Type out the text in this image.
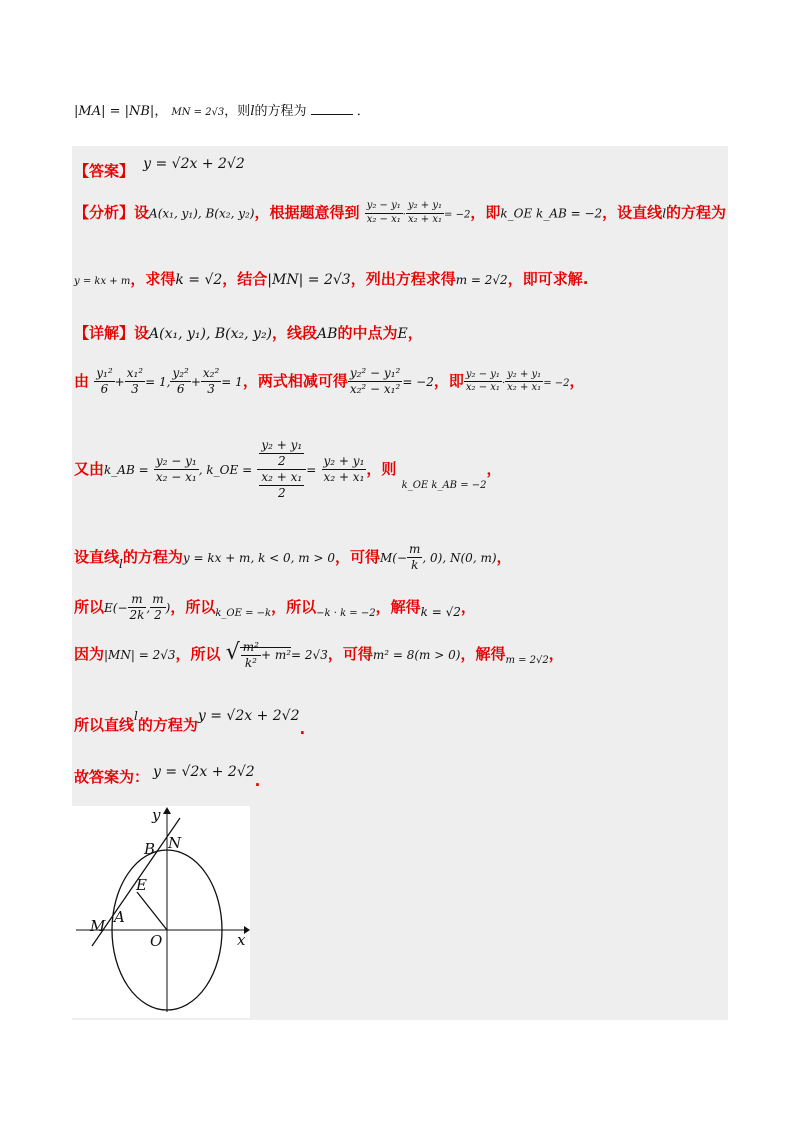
|MA| = |NB|， MN = 2√3，则l的方程为	．
【答案】 y = √2x + 2√2
【分析】设A(x₁, y₁), B(x₂, y₂)，根据题意得到 $\frac{\text{y₂ − y₁}}{\text{x₂ − x₁}} \cdot \frac{\text{y₂ + y₁}}{\text{x₂ + x₁}} = -2$，即k_OE k_AB = −2，设直线l的方程为
y = kx + m，求得k = √2，结合|MN| = 2√3，列出方程求得m = 2√2，即可求解.
【详解】设A(x₁, y₁), B(x₂, y₂)，线段AB的中点为E，
由 $\frac{\text{y₁²}}{6} + \frac{\text{x₁²}}{3} = 1$, $\frac{\text{y₂²}}{6} + \frac{\text{x₂²}}{3} = 1$，两式相减可得 $\frac{\text{y₂² − y₁²}}{\text{x₂² − x₁²}} = -2$，即 $\frac{\text{y₂ − y₁}}{\text{x₂ − x₁}} \cdot \frac{\text{y₂ + y₁}}{\text{x₂ + x₁}} = -2$，
又由k_AB = $\frac{\text{y₂ − y₁}}{\text{x₂ − x₁}}$ , k_OE = $\frac{\frac{\text{y₂ + y₁}}{2}}{\frac{\text{x₂ + x₁}}{2}} = \frac{\text{y₂ + y₁}}{\text{x₂ + x₁}}$ ，则 $_{k\_OE k\_AB = -2}$，
设直线$_l$的方程为y = kx + m, k < 0, m > 0，可得$M(- \frac{m}{k}$ , 0), N(0, m)，
所以$E(- \frac{m}{2k}$ , $\frac{m}{2}$ )，所以$_{k\_OE = -k}$，所以$_{-k \cdot k = -2}$，解得$_{k = √2}$，
因为|MN| = 2√3，所以 √ $\frac{\text{m²}}{\text{k²}} + m^2= 2√3$，可得m² = 8(m > 0)，解得$_{m = 2√2}$，
所以直线l的方程为y = √2x + 2√2.
故答案为： y = √2x + 2√2.
y
x
O
B N
E
A
M
